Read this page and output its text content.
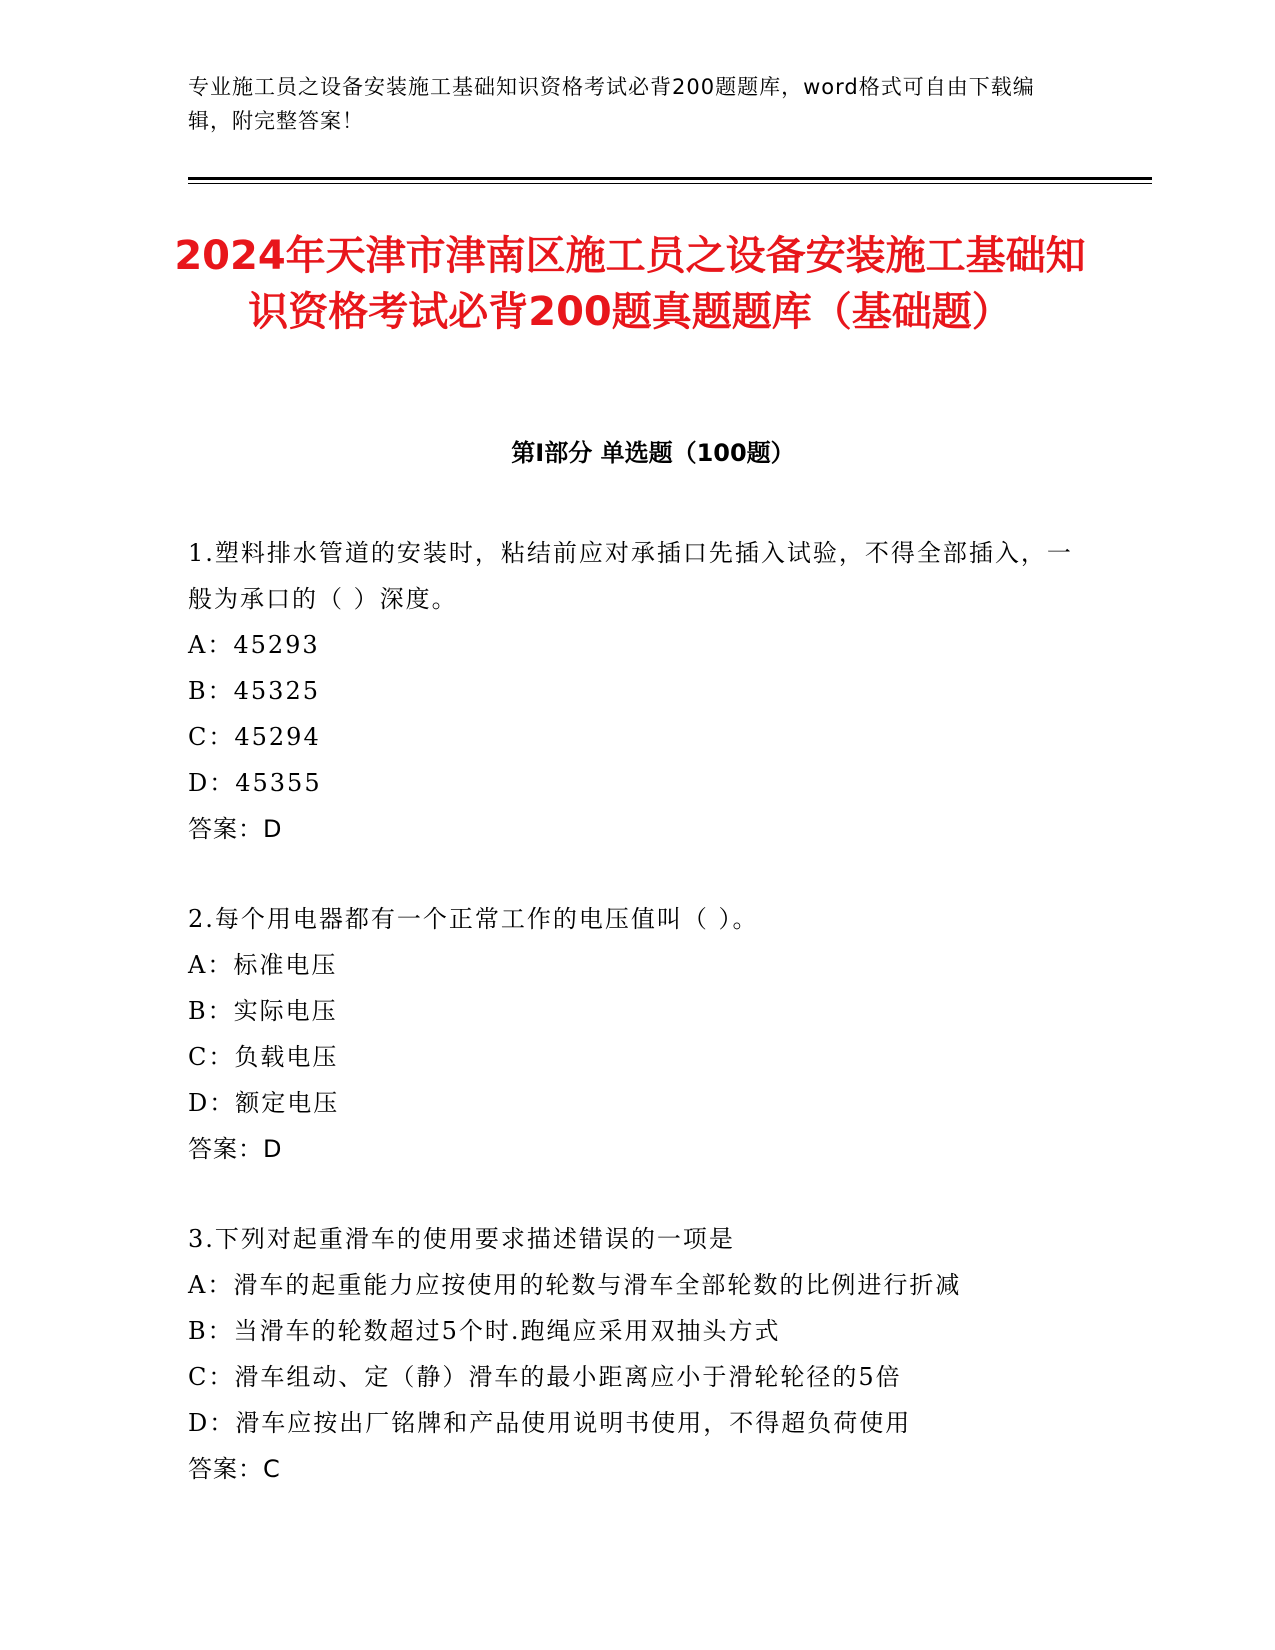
专业施工员之设备安装施工基础知识资格考试必背200题题库，word格式可自由下载编辑，附完整答案！
2024年天津市津南区施工员之设备安装施工基础知识资格考试必背200题真题题库（基础题）
第I部分 单选题（100题）
1.塑料排水管道的安装时，粘结前应对承插口先插入试验，不得全部插入，一般为承口的（ ）深度。
A：45293
B：45325
C：45294
D：45355
答案：D
2.每个用电器都有一个正常工作的电压值叫（ ）。
A：标准电压
B：实际电压
C：负载电压
D：额定电压
答案：D
3.下列对起重滑车的使用要求描述错误的一项是
A：滑车的起重能力应按使用的轮数与滑车全部轮数的比例进行折减
B：当滑车的轮数超过5个时.跑绳应采用双抽头方式
C：滑车组动、定（静）滑车的最小距离应小于滑轮轮径的5倍
D：滑车应按出厂铭牌和产品使用说明书使用，不得超负荷使用
答案：C
